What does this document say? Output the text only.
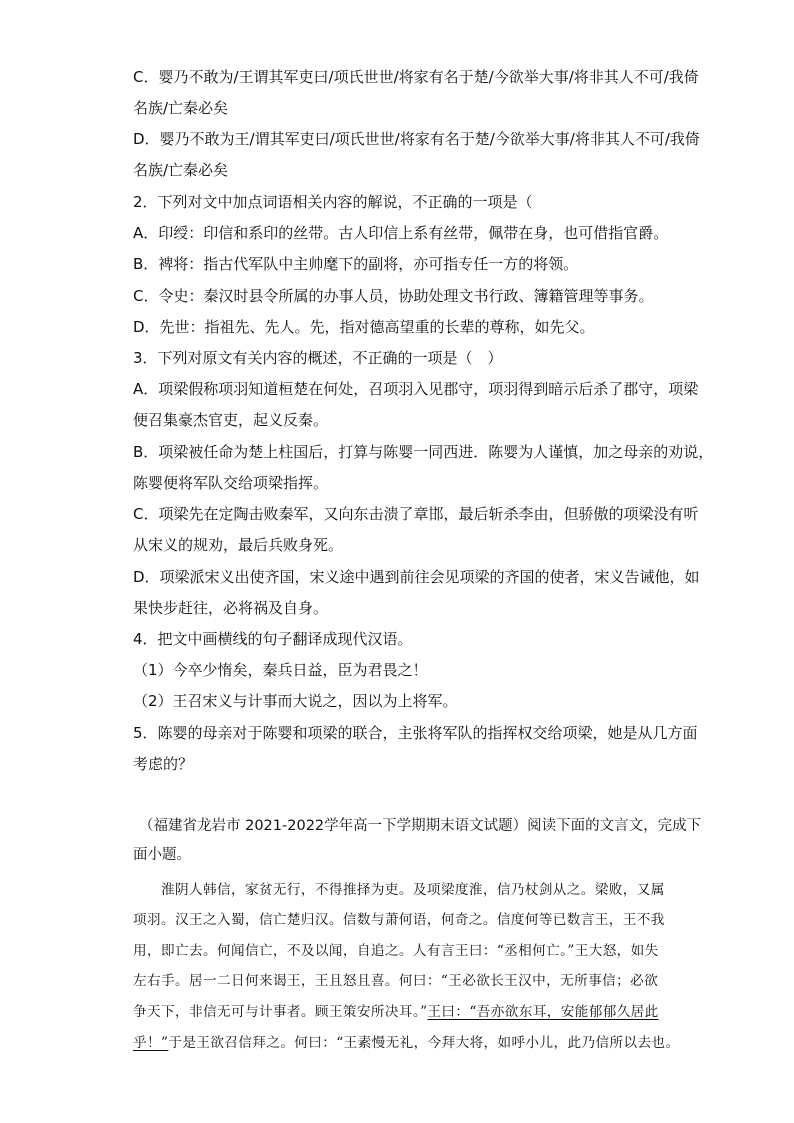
C．婴乃不敢为/王谓其军吏曰/项氏世世/将家有名于楚/今欲举大事/将非其人不可/我倚
名族/亡秦必矣
D．婴乃不敢为王/谓其军吏曰/项氏世世/将家有名于楚/今欲举大事/将非其人不可/我倚
名族/亡秦必矣
2．下列对文中加点词语相关内容的解说，不正确的一项是（
A．印绶：印信和系印的丝带。古人印信上系有丝带，佩带在身，也可借指官爵。
B．裨将：指古代军队中主帅麾下的副将，亦可指专任一方的将领。
C．令史：秦汉时县令所属的办事人员，协助处理文书行政、簿籍管理等事务。
D．先世：指祖先、先人。先，指对德高望重的长辈的尊称，如先父。
3．下列对原文有关内容的概述，不正确的一项是（　）
A．项梁假称项羽知道桓楚在何处，召项羽入见郡守，项羽得到暗示后杀了郡守，项梁
便召集豪杰官吏，起义反秦。
B．项梁被任命为楚上柱国后，打算与陈婴一同西进．陈婴为人谨慎，加之母亲的劝说，
陈婴便将军队交给项梁指挥。
C．项梁先在定陶击败秦军，又向东击溃了章邯，最后斩杀李由，但骄傲的项梁没有听
从宋义的规劝，最后兵败身死。
D．项梁派宋义出使齐国，宋义途中遇到前往会见项梁的齐国的使者，宋义告诫他，如
果快步赶往，必将祸及自身。
4．把文中画横线的句子翻译成现代汉语。
（1）今卒少惰矣，秦兵日益，臣为君畏之！
（2）王召宋义与计事而大说之，因以为上将军。
5．陈婴的母亲对于陈婴和项梁的联合，主张将军队的指挥权交给项梁，她是从几方面
考虑的？
（福建省龙岩市 2021-2022学年高一下学期期末语文试题）阅读下面的文言文，完成下
面小题。
　　淮阴人韩信，家贫无行，不得推择为吏。及项梁度淮，信乃杖剑从之。梁败，又属
项羽。汉王之入蜀，信亡楚归汉。信数与萧何语，何奇之。信度何等已数言王，王不我
用，即亡去。何闻信亡，不及以闻，自追之。人有言王曰：“丞相何亡。”王大怒，如失
左右手。居一二日何来谒王，王且怒且喜。何曰：“王必欲长王汉中，无所事信；必欲
争天下，非信无可与计事者。顾王策安所决耳。”王曰：“吾亦欲东耳，安能郁郁久居此
乎！”于是王欲召信拜之。何曰：“王素慢无礼，今拜大将，如呼小儿，此乃信所以去也。
